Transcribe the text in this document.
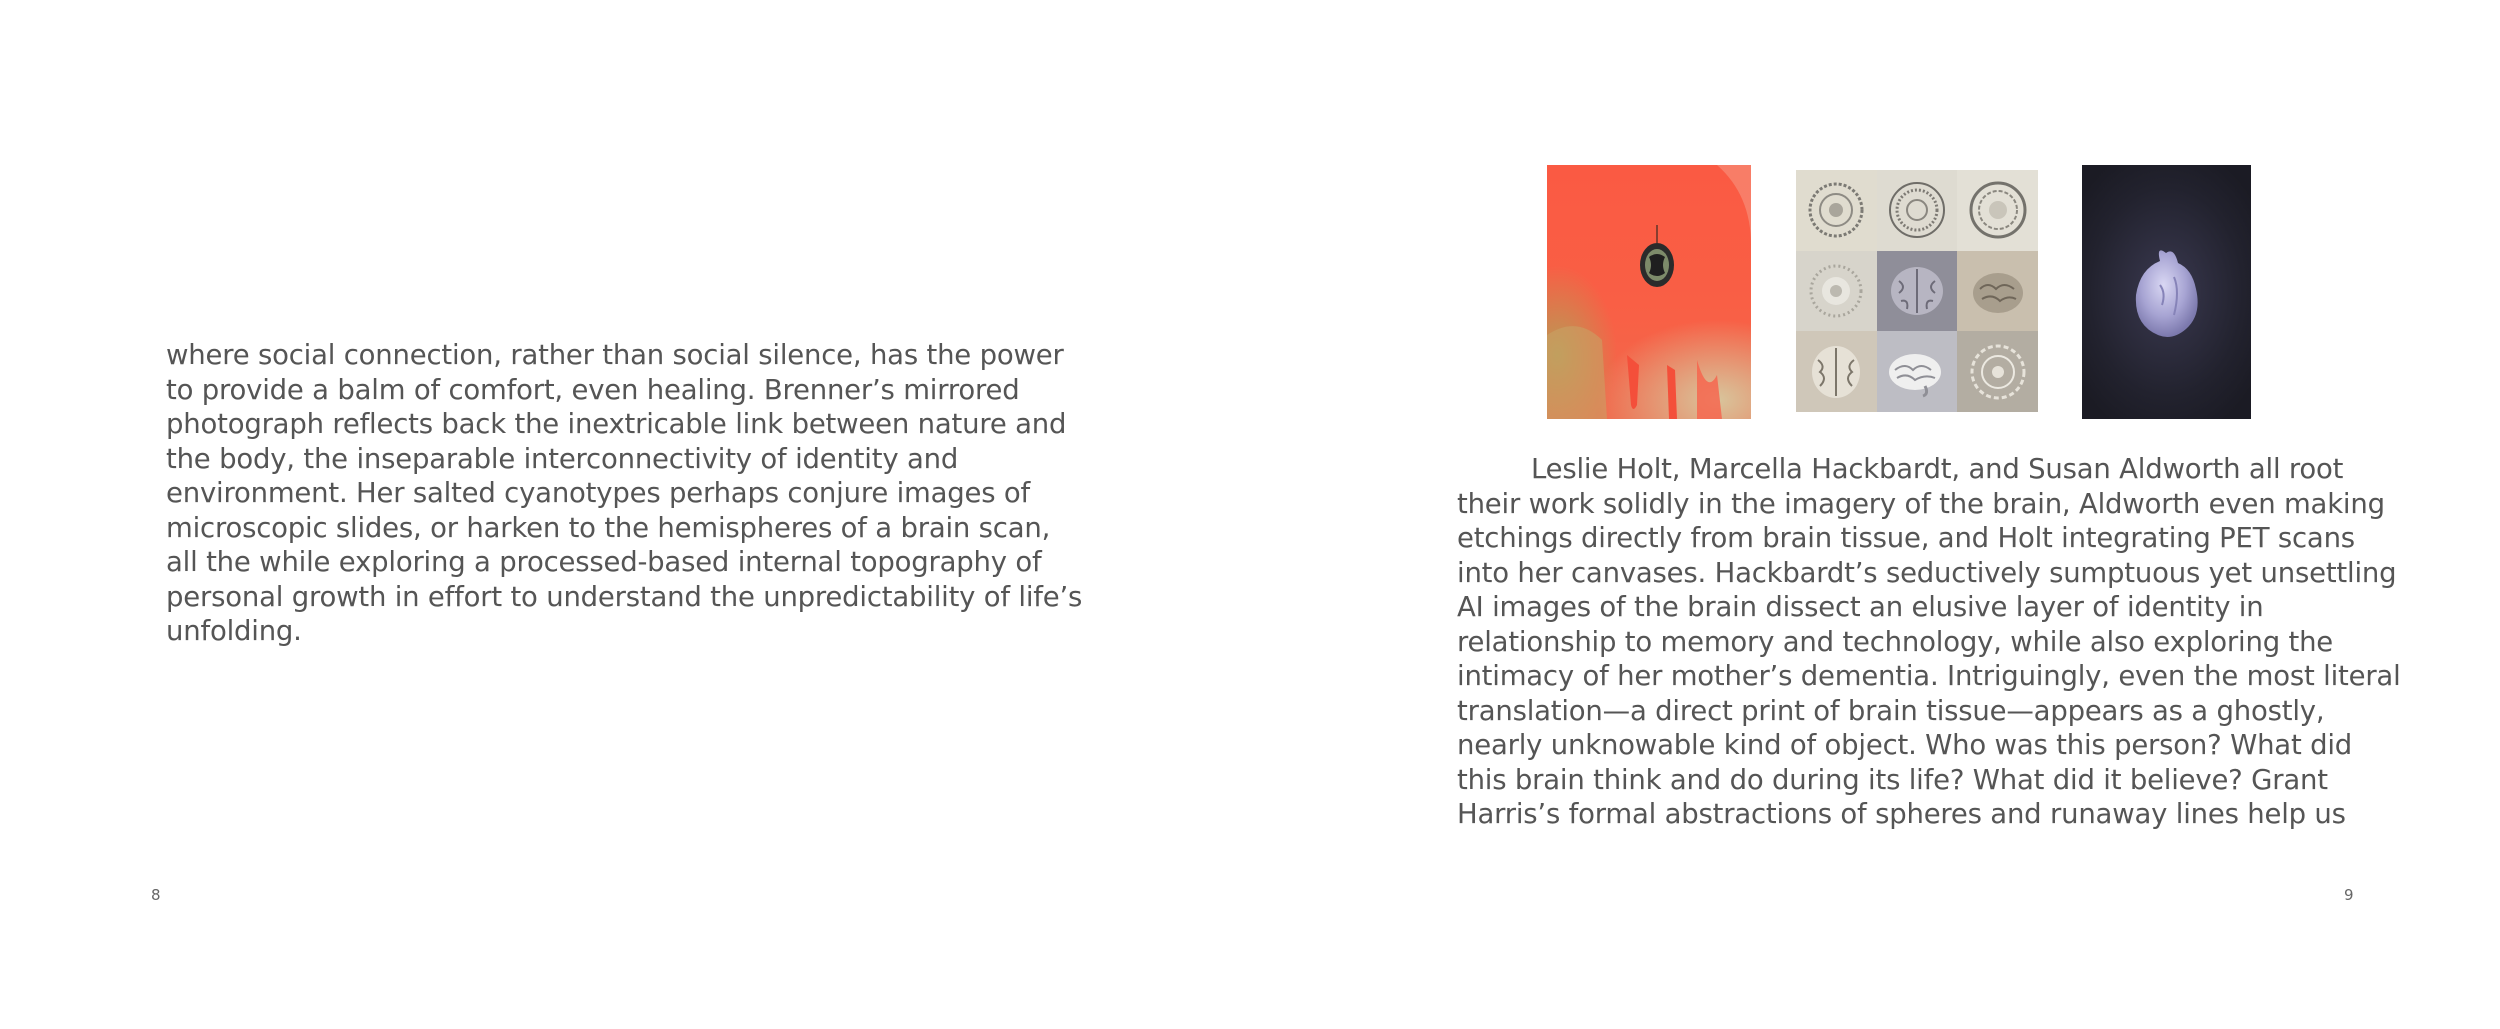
where social connection, rather than social silence, has the power
to provide a balm of comfort, even healing. Brenner’s mirrored
photograph reflects back the inextricable link between nature and
the body, the inseparable interconnectivity of identity and
environment. Her salted cyanotypes perhaps conjure images of
microscopic slides, or harken to the hemispheres of a brain scan,
all the while exploring a processed-based internal topography of
personal growth in effort to understand the unpredictability of life’s
unfolding.

8

Leslie Holt, Marcella Hackbardt, and Susan Aldworth all root
their work solidly in the imagery of the brain, Aldworth even making
etchings directly from brain tissue, and Holt integrating PET scans
into her canvases. Hackbardt’s seductively sumptuous yet unsettling
AI images of the brain dissect an elusive layer of identity in
relationship to memory and technology, while also exploring the
intimacy of her mother’s dementia. Intriguingly, even the most literal
translation—a direct print of brain tissue—appears as a ghostly,
nearly unknowable kind of object. Who was this person? What did
this brain think and do during its life? What did it believe? Grant
Harris’s formal abstractions of spheres and runaway lines help us

9
